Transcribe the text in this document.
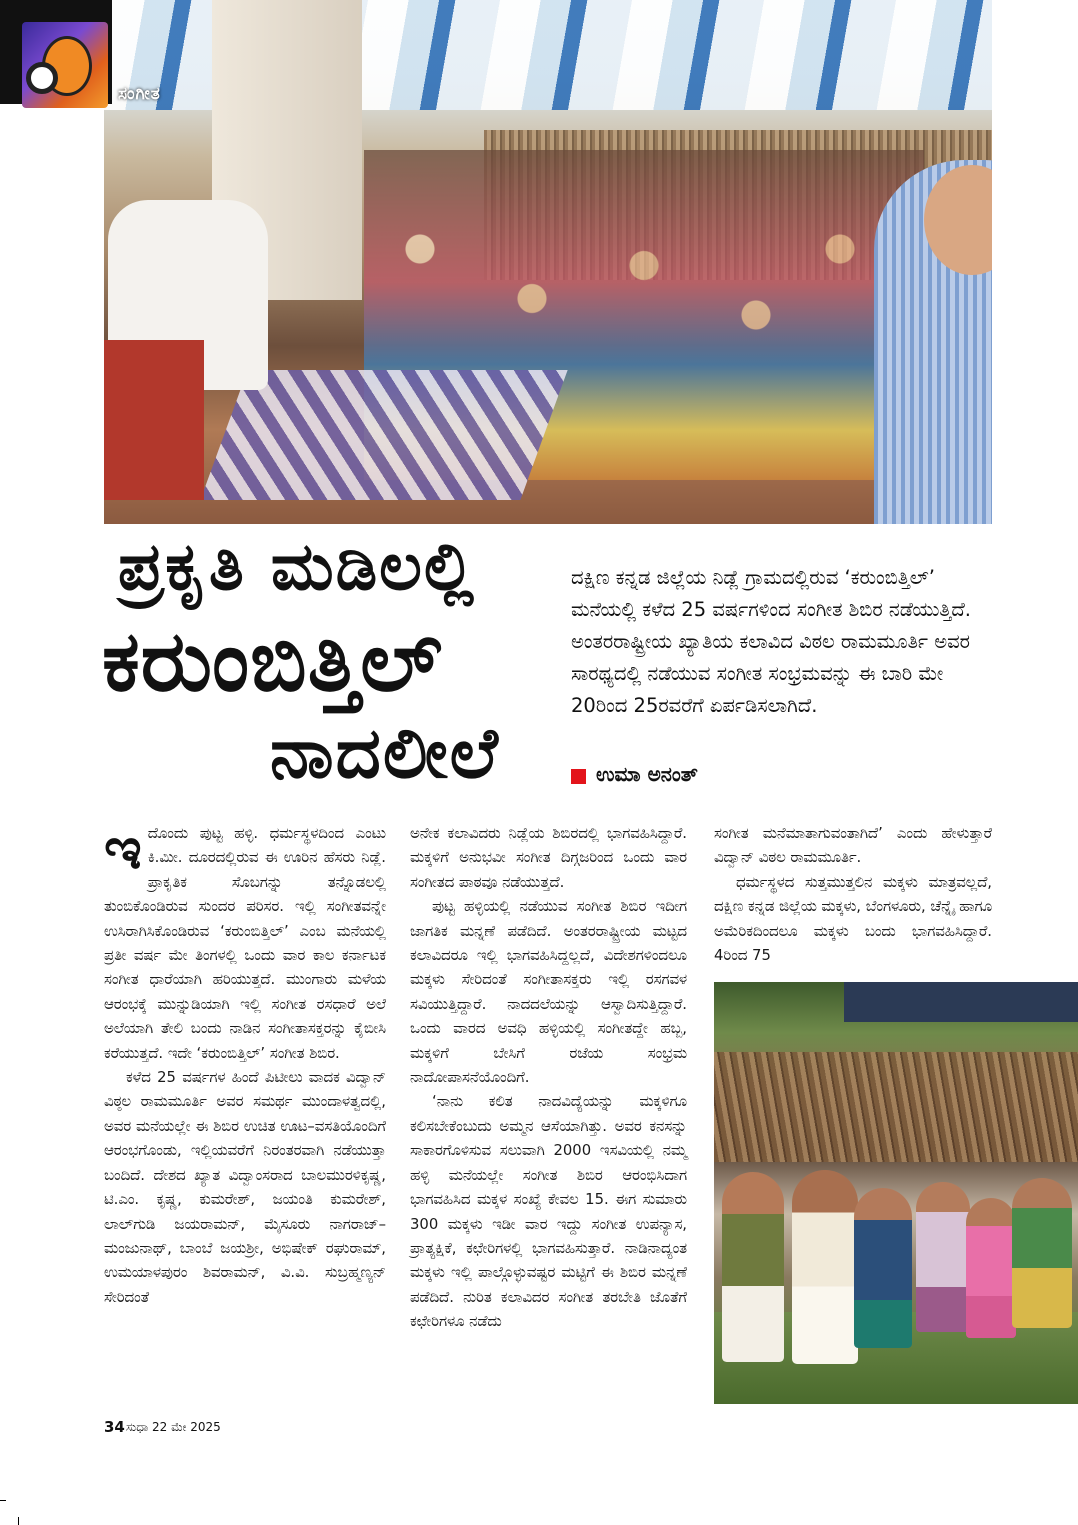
ಸಂಗೀತ
ಪ್ರಕೃತಿ ಮಡಿಲಲ್ಲಿ
ಕರುಂಬಿತ್ತಿಲ್
ನಾದಲೀಲೆ
ದಕ್ಷಿಣ ಕನ್ನಡ ಜಿಲ್ಲೆಯ ನಿಡ್ಲೆ ಗ್ರಾಮದಲ್ಲಿರುವ ‘ಕರುಂಬಿತ್ತಿಲ್’ ಮನೆಯಲ್ಲಿ ಕಳೆದ 25 ವರ್ಷಗಳಿಂದ ಸಂಗೀತ ಶಿಬಿರ ನಡೆಯುತ್ತಿದೆ. ಅಂತರರಾಷ್ಟ್ರೀಯ ಖ್ಯಾತಿಯ ಕಲಾವಿದ ವಿಠಲ ರಾಮಮೂರ್ತಿ ಅವರ ಸಾರಥ್ಯದಲ್ಲಿ ನಡೆಯುವ ಸಂಗೀತ ಸಂಭ್ರಮವನ್ನು ಈ ಬಾರಿ ಮೇ 20ರಿಂದ 25ರವರೆಗೆ ಏರ್ಪಡಿಸಲಾಗಿದೆ.
ಉಮಾ ಅನಂತ್

ಇದೊಂದು ಪುಟ್ಟ ಹಳ್ಳಿ. ಧರ್ಮಸ್ಥಳದಿಂದ ಎಂಟು ಕಿ.ಮೀ. ದೂರದಲ್ಲಿರುವ ಈ ಊರಿನ ಹೆಸರು ನಿಡ್ಲೆ. ಪ್ರಾಕೃತಿಕ ಸೊಬಗನ್ನು ತನ್ನೊಡಲಲ್ಲಿ ತುಂಬಿಕೊಂಡಿರುವ ಸುಂದರ ಪರಿಸರ. ಇಲ್ಲಿ ಸಂಗೀತವನ್ನೇ ಉಸಿರಾಗಿಸಿಕೊಂಡಿರುವ ‘ಕರುಂಬಿತ್ತಿಲ್’ ಎಂಬ ಮನೆಯಲ್ಲಿ ಪ್ರತೀ ವರ್ಷ ಮೇ ತಿಂಗಳಲ್ಲಿ ಒಂದು ವಾರ ಕಾಲ ಕರ್ನಾಟಕ ಸಂಗೀತ ಧಾರೆಯಾಗಿ ಹರಿಯುತ್ತದೆ. ಮುಂಗಾರು ಮಳೆಯ ಆರಂಭಕ್ಕೆ ಮುನ್ನುಡಿಯಾಗಿ ಇಲ್ಲಿ ಸಂಗೀತ ರಸಧಾರೆ ಅಲೆ ಅಲೆಯಾಗಿ ತೇಲಿ ಬಂದು ನಾಡಿನ ಸಂಗೀತಾಸಕ್ತರನ್ನು ಕೈಬೀಸಿ ಕರೆಯುತ್ತದೆ. ಇದೇ ‘ಕರುಂಬಿತ್ತಿಲ್’ ಸಂಗೀತ ಶಿಬಿರ.

ಕಳೆದ 25 ವರ್ಷಗಳ ಹಿಂದೆ ಪಿಟೀಲು ವಾದಕ ವಿದ್ವಾನ್ ವಿಠ್ಠಲ ರಾಮಮೂರ್ತಿ ಅವರ ಸಮರ್ಥ ಮುಂದಾಳತ್ವದಲ್ಲಿ, ಅವರ ಮನೆಯಲ್ಲೇ ಈ ಶಿಬಿರ ಉಚಿತ ಊಟ–ವಸತಿಯೊಂದಿಗೆ ಆರಂಭಗೊಂಡು, ಇಲ್ಲಿಯವರೆಗೆ ನಿರಂತರವಾಗಿ ನಡೆಯುತ್ತಾ ಬಂದಿದೆ. ದೇಶದ ಖ್ಯಾತ ವಿದ್ವಾಂಸರಾದ ಬಾಲಮುರಳಿಕೃಷ್ಣ, ಟಿ.ಎಂ. ಕೃಷ್ಣ, ಕುಮರೇಶ್, ಜಯಂತಿ ಕುಮರೇಶ್, ಲಾಲ್‌ಗುಡಿ ಜಯರಾಮನ್, ಮೈಸೂರು ನಾಗರಾಜ್–ಮಂಜುನಾಥ್, ಬಾಂಬೆ ಜಯಶ್ರೀ, ಅಭಿಷೇಕ್ ರಘುರಾಮ್, ಉಮಯಾಳಪುರಂ ಶಿವರಾಮನ್, ವಿ.ವಿ. ಸುಬ್ರಹ್ಮಣ್ಯನ್ ಸೇರಿದಂತೆ

ಅನೇಕ ಕಲಾವಿದರು ನಿಡ್ಲೆಯ ಶಿಬಿರದಲ್ಲಿ ಭಾಗವಹಿಸಿದ್ದಾರೆ. ಮಕ್ಕಳಿಗೆ ಅನುಭವೀ ಸಂಗೀತ ದಿಗ್ಗಜರಿಂದ ಒಂದು ವಾರ ಸಂಗೀತದ ಪಾಠವೂ ನಡೆಯುತ್ತದೆ.

ಪುಟ್ಟ ಹಳ್ಳಿಯಲ್ಲಿ ನಡೆಯುವ ಸಂಗೀತ ಶಿಬಿರ ಇದೀಗ ಜಾಗತಿಕ ಮನ್ನಣೆ ಪಡೆದಿದೆ. ಅಂತರರಾಷ್ಟ್ರೀಯ ಮಟ್ಟದ ಕಲಾವಿದರೂ ಇಲ್ಲಿ ಭಾಗವಹಿಸಿದ್ದಲ್ಲದೆ, ವಿದೇಶಗಳಿಂದಲೂ ಮಕ್ಕಳು ಸೇರಿದಂತೆ ಸಂಗೀತಾಸಕ್ತರು ಇಲ್ಲಿ ರಸಗವಳ ಸವಿಯುತ್ತಿದ್ದಾರೆ. ನಾದದಲೆಯನ್ನು ಆಸ್ವಾದಿಸುತ್ತಿದ್ದಾರೆ. ಒಂದು ವಾರದ ಅವಧಿ ಹಳ್ಳಿಯಲ್ಲಿ ಸಂಗೀತದ್ದೇ ಹಬ್ಬ, ಮಕ್ಕಳಿಗೆ ಬೇಸಿಗೆ ರಜೆಯ ಸಂಭ್ರಮ ನಾದೋಪಾಸನೆಯೊಂದಿಗೆ.

‘ನಾನು ಕಲಿತ ನಾದವಿದ್ಯೆಯನ್ನು ಮಕ್ಕಳಿಗೂ ಕಲಿಸಬೇಕೆಂಬುದು ಅಮ್ಮನ ಆಸೆಯಾಗಿತ್ತು. ಅವರ ಕನಸನ್ನು ಸಾಕಾರಗೊಳಿಸುವ ಸಲುವಾಗಿ 2000 ಇಸವಿಯಲ್ಲಿ ನಮ್ಮ ಹಳ್ಳಿ ಮನೆಯಲ್ಲೇ ಸಂಗೀತ ಶಿಬಿರ ಆರಂಭಿಸಿದಾಗ ಭಾಗವಹಿಸಿದ ಮಕ್ಕಳ ಸಂಖ್ಯೆ ಕೇವಲ 15. ಈಗ ಸುಮಾರು 300 ಮಕ್ಕಳು ಇಡೀ ವಾರ ಇದ್ದು ಸಂಗೀತ ಉಪನ್ಯಾಸ, ಪ್ರಾತ್ಯಕ್ಷಿಕೆ, ಕಛೇರಿಗಳಲ್ಲಿ ಭಾಗವಹಿಸುತ್ತಾರೆ. ನಾಡಿನಾದ್ಯಂತ ಮಕ್ಕಳು ಇಲ್ಲಿ ಪಾಲ್ಗೊಳ್ಳುವಷ್ಟರ ಮಟ್ಟಿಗೆ ಈ ಶಿಬಿರ ಮನ್ನಣೆ ಪಡೆದಿದೆ. ನುರಿತ ಕಲಾವಿದರ ಸಂಗೀತ ತರಬೇತಿ ಜೊತೆಗೆ ಕಛೇರಿಗಳೂ ನಡೆದು

ಸಂಗೀತ ಮನೆಮಾತಾಗುವಂತಾಗಿದೆ’ ಎಂದು ಹೇಳುತ್ತಾರೆ ವಿದ್ವಾನ್ ವಿಠಲ ರಾಮಮೂರ್ತಿ.

ಧರ್ಮಸ್ಥಳದ ಸುತ್ತಮುತ್ತಲಿನ ಮಕ್ಕಳು ಮಾತ್ರವಲ್ಲದೆ, ದಕ್ಷಿಣ ಕನ್ನಡ ಜಿಲ್ಲೆಯ ಮಕ್ಕಳು, ಬೆಂಗಳೂರು, ಚೆನ್ನೈ ಹಾಗೂ ಅಮೆರಿಕದಿಂದಲೂ ಮಕ್ಕಳು ಬಂದು ಭಾಗವಹಿಸಿದ್ದಾರೆ. 4ರಿಂದ 75

34 ಸುಧಾ 22 ಮೇ 2025
